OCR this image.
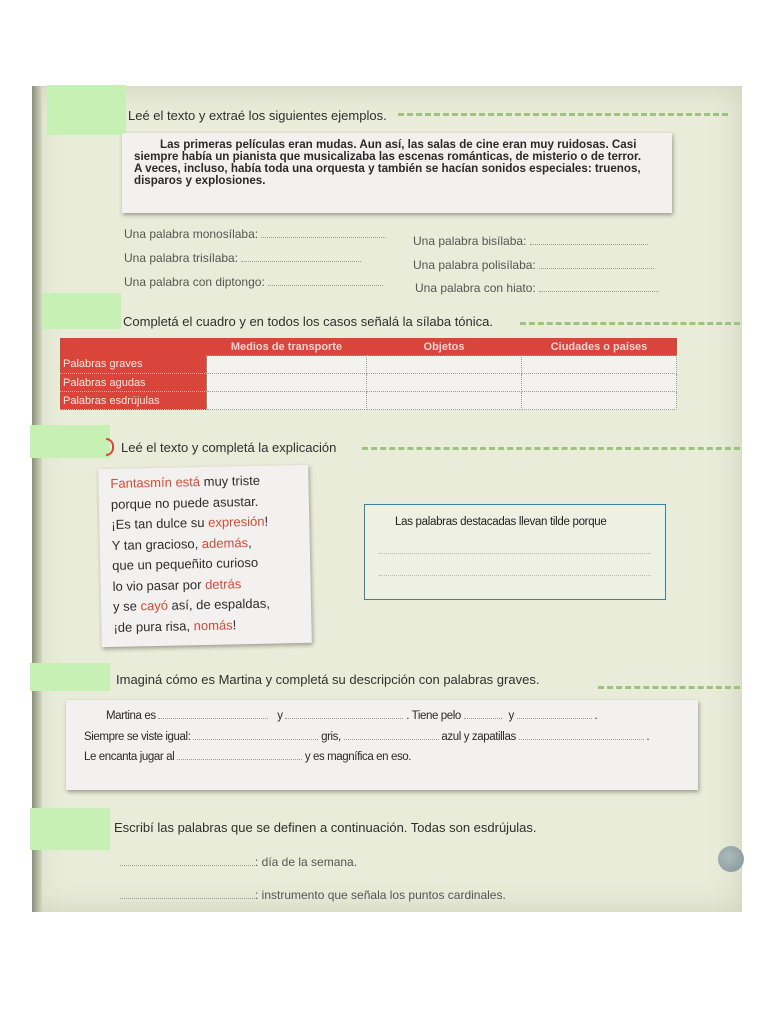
Leé el texto y extraé los siguientes ejemplos.

Las primeras películas eran mudas. Aun así, las salas de cine eran muy ruidosas. Casi

siempre había un pianista que musicalizaba las escenas románticas, de misterio o de terror.

A veces, incluso, había toda una orquesta y también se hacían sonidos especiales: truenos,

disparos y explosiones.

Una palabra monosílaba:	Una palabra bisílaba:
Una palabra trisílaba:	Una palabra polisílaba:
Una palabra con diptongo:	Una palabra con hiato:
Completá el cuadro y en todos los casos señalá la sílaba tónica.
	Medios de transporte	Objetos	Ciudades o países
Palabras graves			
Palabras agudas			
Palabras esdrújulas			
Leé el texto y completá la explicación
Fantasmín está muy triste
porque no puede asustar.
¡Es tan dulce su expresión!
Y tan gracioso, además,
que un pequeñito curioso
lo vio pasar por detrás
y se cayó así, de espaldas,
¡de pura risa, nomás!
Las palabras destacadas llevan tilde porque
Imaginá cómo es Martina y completá su descripción con palabras graves.
Martina es	y	. Tiene pelo	y	.
Siempre se viste igual:	gris,	azul y zapatillas	.
Le encanta jugar al	y es magnífica en eso.
Escribí las palabras que se definen a continuación. Todas son esdrújulas.
: día de la semana.
: instrumento que señala los puntos cardinales.
